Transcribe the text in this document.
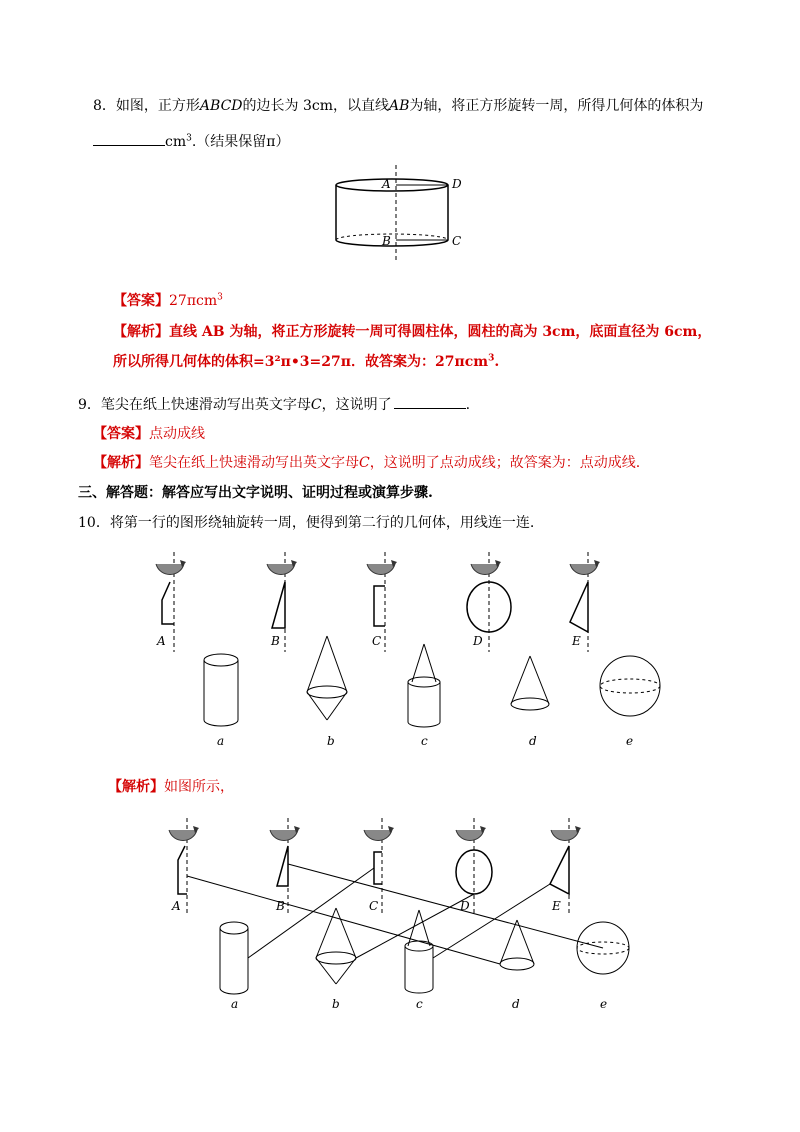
8．如图，正方形ABCD的边长为 3cm，以直线AB为轴，将正方形旋转一周，所得几何体的体积为
$cm^3$.（结果保留π）
A	D
B	C
【答案】27πcm$^3$
【解析】直线 AB 为轴，将正方形旋转一周可得圆柱体，圆柱的高为 3cm，底面直径为 6cm，
所以所得几何体的体积=3²π•3=27π．故答案为：27πcm$^3$.
9．笔尖在纸上快速滑动写出英文字母C，这说明了	.
【答案】点动成线
【解析】笔尖在纸上快速滑动写出英文字母C，这说明了点动成线；故答案为：点动成线.
三、解答题：解答应写出文字说明、证明过程或演算步骤.
10．将第一行的图形绕轴旋转一周，便得到第二行的几何体，用线连一连.
A	B	C	D	E
a	b	c	d	e
【解析】如图所示，
A	B	C	D	E
a	b	c	d	e
